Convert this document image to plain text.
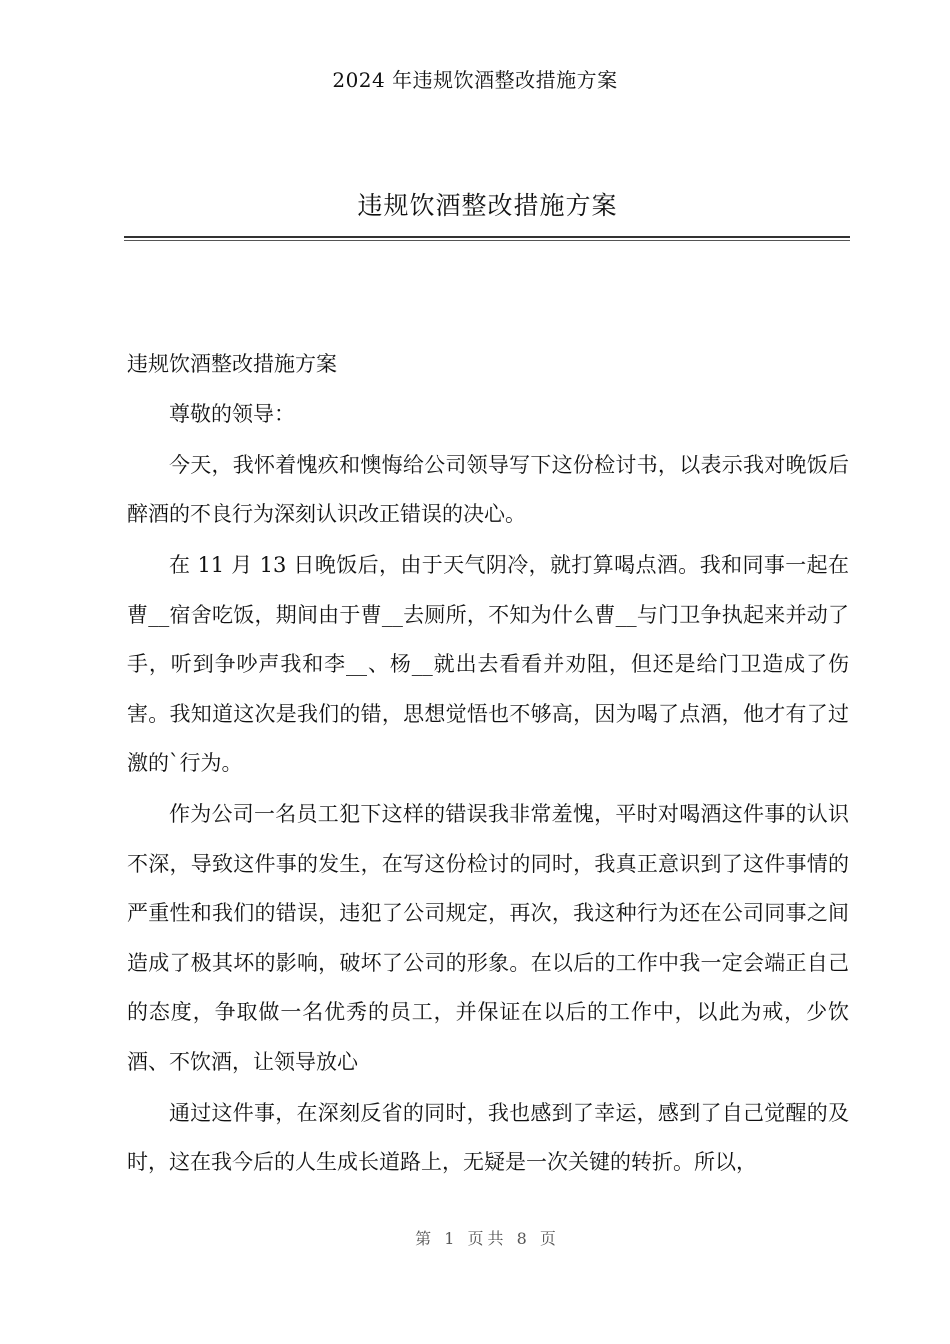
2024 年违规饮酒整改措施方案
违规饮酒整改措施方案

违规饮酒整改措施方案

尊敬的领导：

今天，我怀着愧疚和懊悔给公司领导写下这份检讨书，以表示我对晚饭后醉酒的不良行为深刻认识改正错误的决心。

在 11 月 13 日晚饭后，由于天气阴冷，就打算喝点酒。我和同事一起在曹__宿舍吃饭，期间由于曹__去厕所，不知为什么曹__与门卫争执起来并动了手，听到争吵声我和李__、杨__就出去看看并劝阻，但还是给门卫造成了伤害。我知道这次是我们的错，思想觉悟也不够高，因为喝了点酒，他才有了过激的`行为。

作为公司一名员工犯下这样的错误我非常羞愧，平时对喝酒这件事的认识不深，导致这件事的发生，在写这份检讨的同时，我真正意识到了这件事情的严重性和我们的错误，违犯了公司规定，再次，我这种行为还在公司同事之间造成了极其坏的影响，破坏了公司的形象。在以后的工作中我一定会端正自己的态度，争取做一名优秀的员工，并保证在以后的工作中，以此为戒，少饮酒、不饮酒，让领导放心

通过这件事，在深刻反省的同时，我也感到了幸运，感到了自己觉醒的及时，这在我今后的人生成长道路上，无疑是一次关键的转折。所以，

第 1 页共 8 页
